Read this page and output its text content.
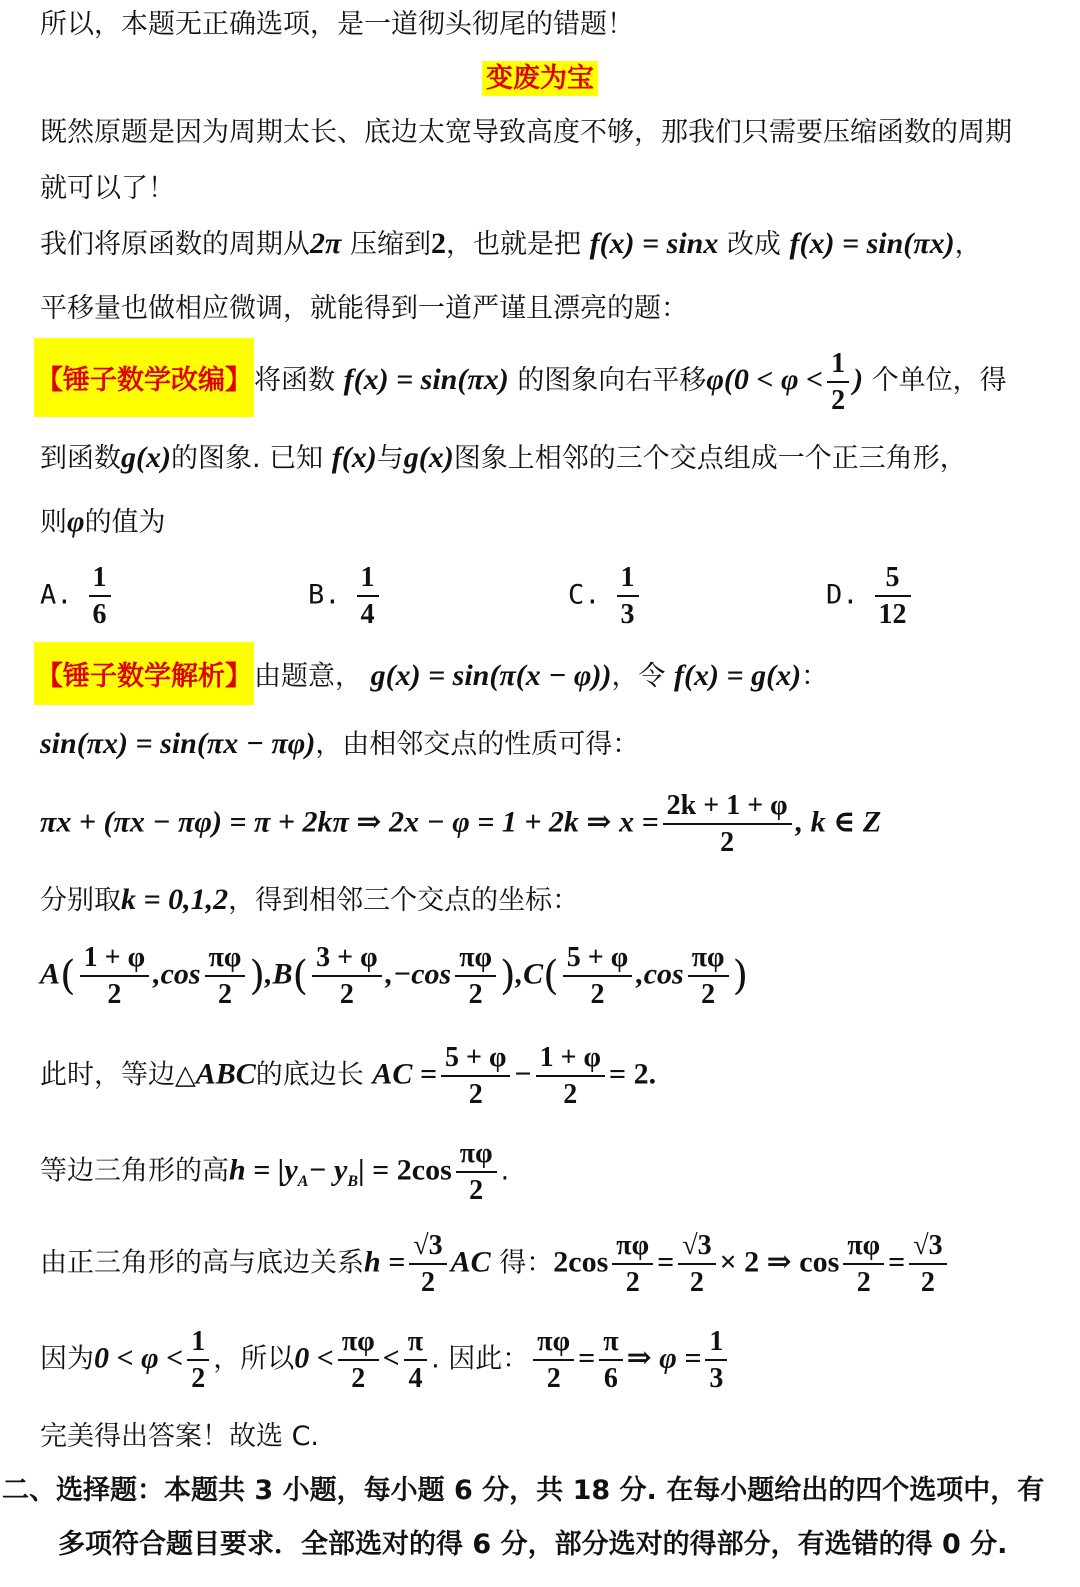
所以，本题无正确选项，是一道彻头彻尾的错题！
变废为宝
既然原题是因为周期太长、底边太宽导致高度不够，那我们只需要压缩函数的周期
就可以了！
我们将原函数的周期从2π 压缩到2，也就是把 f(x) = sinx 改成 f(x) = sin(πx)，
平移量也做相应微调，就能得到一道严谨且漂亮的题：
【锤子数学改编】将函数 f(x) = sin(πx) 的图象向右平移$\varphi(0 < \varphi < \frac{1}{2}$ ) 个单位，得
到函数g(x)的图象. 已知 f(x)与g(x)图象上相邻的三个交点组成一个正三角形，
则φ的值为
A. $\frac{1}{6}$	B. $\frac{1}{4}$	C. $\frac{1}{3}$	D. $\frac{5}{12}$
【锤子数学解析】由题意， g(x) = sin(π(x − φ))，令 f(x) = g(x)：
sin(πx) = sin(πx − πφ)，由相邻交点的性质可得：
πx + (πx − πφ) = π + 2kπ ⇒ 2x − φ = 1 + 2k ⇒ $x = \frac{2k + 1 + \varphi}{2}$ , k ∈ Z
分别取k = 0,1,2，得到相邻三个交点的坐标：
$A( \frac{1 + \varphi}{2} ,\cos \frac{\pi\varphi}{2} ),B( \frac{3 + \varphi}{2} ,-\cos \frac{\pi\varphi}{2} ),C( \frac{5 + \varphi}{2} ,\cos \frac{\pi\varphi}{2}$ )
此时，等边△ABC的底边长 AC = $\frac{5 + \varphi}{2} - \frac{1 + \varphi}{2} = 2$.
等边三角形的高$h = |y_A- y_B| = 2\cos \frac{\pi\varphi}{2}$ .
由正三角形的高与底边关系$h = \frac{√3}{2}$ AC 得：$2\cos \frac{\pi\varphi}{2} = \frac{√3}{2} \times 2$ ⇒ $\cos \frac{\pi\varphi}{2} = \frac{√3}{2}$
因为$0 < \varphi < \frac{1}{2}$ ，所以$0 < \frac{\pi\varphi}{2} < \frac{\pi}{4}$ . 因此： $\frac{\pi\varphi}{2} = \frac{\pi}{6}$ ⇒ $\varphi = \frac{1}{3}$
完美得出答案！故选 C.
二、选择题：本题共 3 小题，每小题 6 分，共 18 分. 在每小题给出的四个选项中，有
多项符合题目要求．全部选对的得 6 分，部分选对的得部分，有选错的得 0 分.
